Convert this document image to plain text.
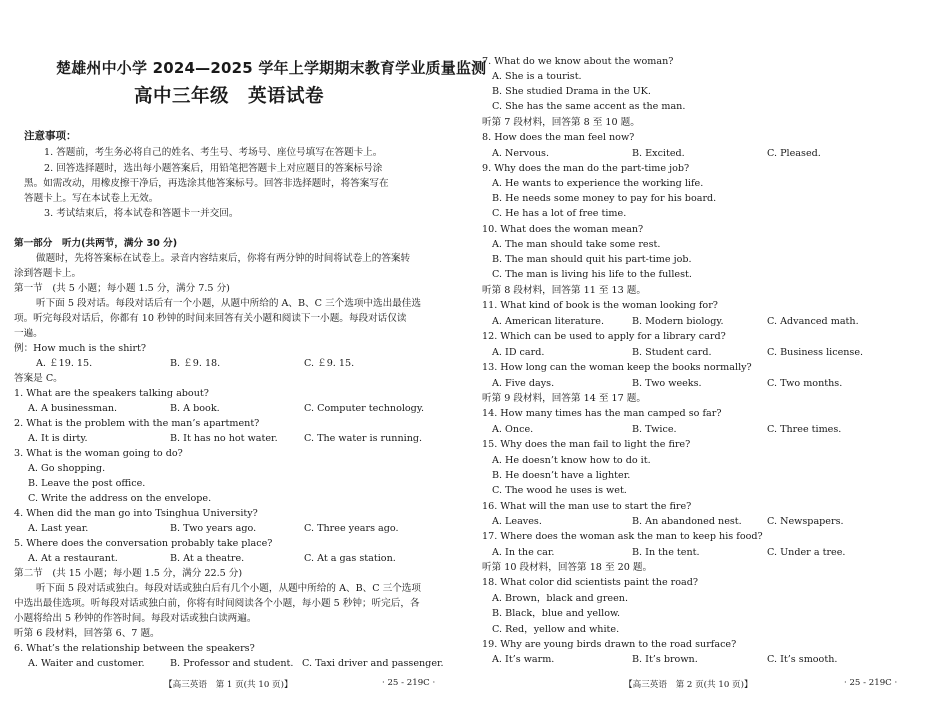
楚雄州中小学 2024—2025 学年上学期期末教育学业质量监测
高中三年级　英语试卷
注意事项：
1. 答题前，考生务必将自己的姓名、考生号、考场号、座位号填写在答题卡上。
2. 回答选择题时，选出每小题答案后，用铅笔把答题卡上对应题目的答案标号涂
黑。如需改动，用橡皮擦干净后，再选涂其他答案标号。回答非选择题时，将答案写在
答题卡上。写在本试卷上无效。
3. 考试结束后，将本试卷和答题卡一并交回。
第一部分　听力(共两节，满分 30 分)
做题时，先将答案标在试卷上。录音内容结束后，你将有两分钟的时间将试卷上的答案转
涂到答题卡上。
第一节　(共 5 小题；每小题 1.5 分，满分 7.5 分)
听下面 5 段对话。每段对话后有一个小题，从题中所给的 A、B、C 三个选项中选出最佳选
项。听完每段对话后，你都有 10 秒钟的时间来回答有关小题和阅读下一小题。每段对话仅读
一遍。
例：How much is the shirt?
A. ￡19. 15.	B. ￡9. 18.	C. ￡9. 15.
答案是 C。
1. What are the speakers talking about?
A. A businessman.	B. A book.	C. Computer technology.
2. What is the problem with the man’s apartment?
A. It is dirty.	B. It has no hot water.	C. The water is running.
3. What is the woman going to do?
A. Go shopping.
B. Leave the post office.
C. Write the address on the envelope.
4. When did the man go into Tsinghua University?
A. Last year.	B. Two years ago.	C. Three years ago.
5. Where does the conversation probably take place?
A. At a restaurant.	B. At a theatre.	C. At a gas station.
第二节　(共 15 小题；每小题 1.5 分，满分 22.5 分)
听下面 5 段对话或独白。每段对话或独白后有几个小题，从题中所给的 A、B、C 三个选项
中选出最佳选项。听每段对话或独白前，你将有时间阅读各个小题，每小题 5 秒钟；听完后，各
小题将给出 5 秒钟的作答时间。每段对话或独白读两遍。
听第 6 段材料，回答第 6、7 题。
6. What’s the relationship between the speakers?
A. Waiter and customer.	B. Professor and student. C. Taxi driver and passenger.
【高三英语　第 1 页(共 10 页)】	· 25 - 219C ·
7. What do we know about the woman?
A. She is a tourist.
B. She studied Drama in the UK.
C. She has the same accent as the man.
听第 7 段材料，回答第 8 至 10 题。
8. How does the man feel now?
A. Nervous.	B. Excited.	C. Pleased.
9. Why does the man do the part-time job?
A. He wants to experience the working life.
B. He needs some money to pay for his board.
C. He has a lot of free time.
10. What does the woman mean?
A. The man should take some rest.
B. The man should quit his part-time job.
C. The man is living his life to the fullest.
听第 8 段材料，回答第 11 至 13 题。
11. What kind of book is the woman looking for?
A. American literature.	B. Modern biology.	C. Advanced math.
12. Which can be used to apply for a library card?
A. ID card.	B. Student card.	C. Business license.
13. How long can the woman keep the books normally?
A. Five days.	B. Two weeks.	C. Two months.
听第 9 段材料，回答第 14 至 17 题。
14. How many times has the man camped so far?
A. Once.	B. Twice.	C. Three times.
15. Why does the man fail to light the fire?
A. He doesn’t know how to do it.
B. He doesn’t have a lighter.
C. The wood he uses is wet.
16. What will the man use to start the fire?
A. Leaves.	B. An abandoned nest.	C. Newspapers.
17. Where does the woman ask the man to keep his food?
A. In the car.	B. In the tent.	C. Under a tree.
听第 10 段材料，回答第 18 至 20 题。
18. What color did scientists paint the road?
A. Brown，black and green.
B. Black，blue and yellow.
C. Red，yellow and white.
19. Why are young birds drawn to the road surface?
A. It’s warm.	B. It’s brown.	C. It’s smooth.
【高三英语　第 2 页(共 10 页)】	· 25 - 219C ·
